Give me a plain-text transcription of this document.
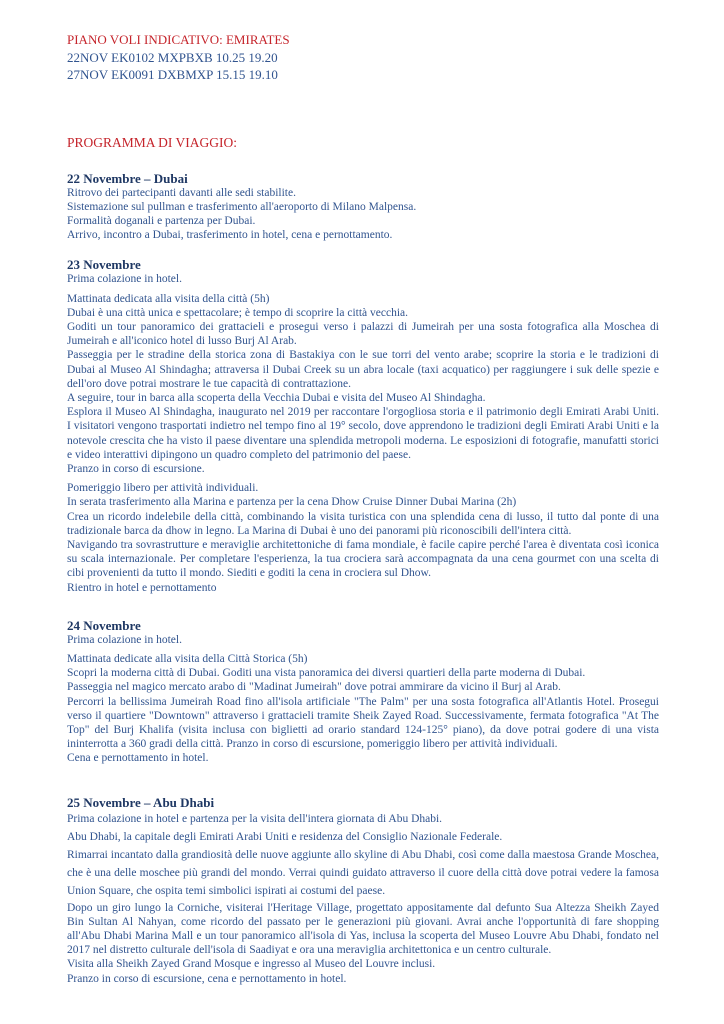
PIANO VOLI INDICATIVO: EMIRATES
22NOV EK0102 MXPBXB 10.25 19.20
27NOV EK0091 DXBMXP 15.15 19.10
PROGRAMMA DI VIAGGIO:
22 Novembre – Dubai
Ritrovo dei partecipanti davanti alle sedi stabilite.
Sistemazione sul pullman e trasferimento all'aeroporto di Milano Malpensa.
Formalità doganali e partenza per Dubai.
Arrivo, incontro a Dubai, trasferimento in hotel, cena e pernottamento.
23 Novembre
Prima colazione in hotel.
Mattinata dedicata alla visita della città (5h)
Dubai è una città unica e spettacolare; è tempo di scoprire la città vecchia.
Goditi un tour panoramico dei grattacieli e prosegui verso i palazzi di Jumeirah per una sosta fotografica alla Moschea di Jumeirah e all'iconico hotel di lusso Burj Al Arab.
Passeggia per le stradine della storica zona di Bastakiya con le sue torri del vento arabe; scoprire la storia e le tradizioni di Dubai al Museo Al Shindagha; attraversa il Dubai Creek su un abra locale (taxi acquatico) per raggiungere i suk delle spezie e dell'oro dove potrai mostrare le tue capacità di contrattazione.
A seguire, tour in barca alla scoperta della Vecchia Dubai e visita del Museo Al Shindagha.
Esplora il Museo Al Shindagha, inaugurato nel 2019 per raccontare l'orgogliosa storia e il patrimonio degli Emirati Arabi Uniti. I visitatori vengono trasportati indietro nel tempo fino al 19° secolo, dove apprendono le tradizioni degli Emirati Arabi Uniti e la notevole crescita che ha visto il paese diventare una splendida metropoli moderna. Le esposizioni di fotografie, manufatti storici e video interattivi dipingono un quadro completo del patrimonio del paese.
Pranzo in corso di escursione.
Pomeriggio libero per attività individuali.
In serata trasferimento alla Marina e partenza per la cena Dhow Cruise Dinner Dubai Marina (2h)
Crea un ricordo indelebile della città, combinando la visita turistica con una splendida cena di lusso, il tutto dal ponte di una tradizionale barca da dhow in legno. La Marina di Dubai è uno dei panorami più riconoscibili dell'intera città.
Navigando tra sovrastrutture e meraviglie architettoniche di fama mondiale, è facile capire perché l'area è diventata così iconica su scala internazionale. Per completare l'esperienza, la tua crociera sarà accompagnata da una cena gourmet con una scelta di cibi provenienti da tutto il mondo. Siediti e goditi la cena in crociera sul Dhow.
Rientro in hotel e pernottamento
24 Novembre
Prima colazione in hotel.
Mattinata dedicate alla visita della Città Storica (5h)
Scopri la moderna città di Dubai. Goditi una vista panoramica dei diversi quartieri della parte moderna di Dubai.
Passeggia nel magico mercato arabo di "Madinat Jumeirah" dove potrai ammirare da vicino il Burj al Arab.
Percorri la bellissima Jumeirah Road fino all'isola artificiale "The Palm" per una sosta fotografica all'Atlantis Hotel. Prosegui verso il quartiere "Downtown" attraverso i grattacieli tramite Sheik Zayed Road. Successivamente, fermata fotografica "At The Top" del Burj Khalifa (visita inclusa con biglietti ad orario standard 124-125° piano), da dove potrai godere di una vista ininterrotta a 360 gradi della città. Pranzo in corso di escursione, pomeriggio libero per attività individuali.
Cena e pernottamento in hotel.
25 Novembre – Abu Dhabi
Prima colazione in hotel e partenza per la visita dell'intera giornata di Abu Dhabi.
Abu Dhabi, la capitale degli Emirati Arabi Uniti e residenza del Consiglio Nazionale Federale.
Rimarrai incantato dalla grandiosità delle nuove aggiunte allo skyline di Abu Dhabi, così come dalla maestosa Grande Moschea, che è una delle moschee più grandi del mondo. Verrai quindi guidato attraverso il cuore della città dove potrai vedere la famosa Union Square, che ospita temi simbolici ispirati ai costumi del paese.
Dopo un giro lungo la Corniche, visiterai l'Heritage Village, progettato appositamente dal defunto Sua Altezza Sheikh Zayed Bin Sultan Al Nahyan, come ricordo del passato per le generazioni più giovani. Avrai anche l'opportunità di fare shopping all'Abu Dhabi Marina Mall e un tour panoramico all'isola di Yas, inclusa la scoperta del Museo Louvre Abu Dhabi, fondato nel 2017 nel distretto culturale dell'isola di Saadiyat e ora una meraviglia architettonica e un centro culturale.
Visita alla Sheikh Zayed Grand Mosque e ingresso al Museo del Louvre inclusi.
Pranzo in corso di escursione, cena e pernottamento in hotel.
